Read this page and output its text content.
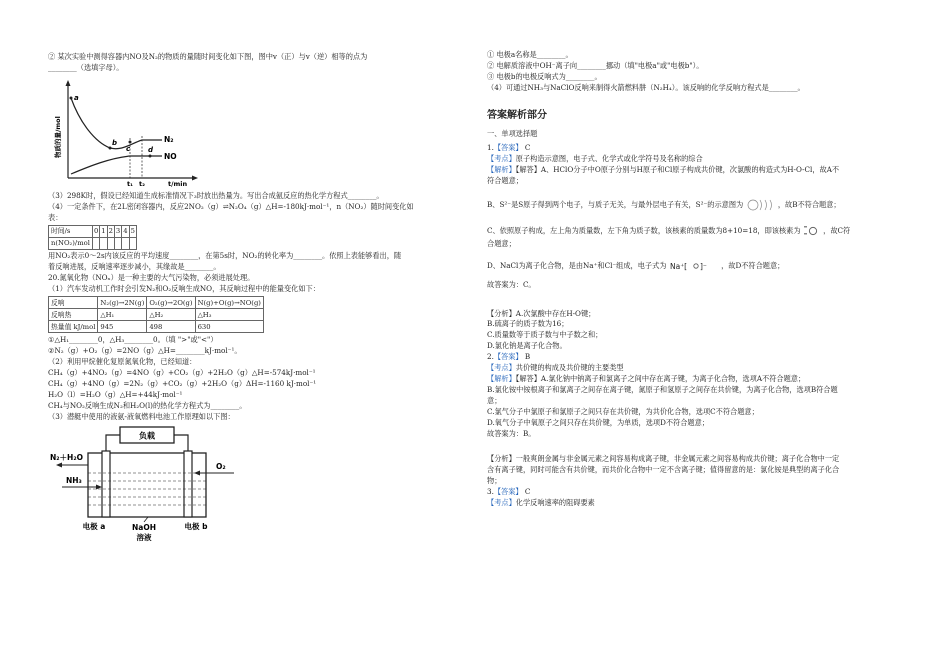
② 某次实验中测得容器内NO及N₂的物质的量随时间变化如下图，图中v（正）与v（逆）相等的点为
________（选填字母）。
物质的量/mol
a
b
c	d
N₂
NO
t₁ t₂	t/min
（3）298K时，假设已经知道生成标准情况下₃时放出热量为。写出合成氨反应的热化学方程式________。
（4）一定条件下，在2L密闭容器内，反应2NO₂（g）⇌N₂O₄（g）△H=-180kJ·mol⁻¹，n（NO₂）随时间变化如
表：
时间/s	0	1	2	3	4	5
n(NO₂)/mol						
用NO₂表示0～2s内该反应的平均速度________，在第5s时，NO₂的转化率为________。依照上表能够看出，随
着反响进展，反响速率逐步减小，其缘故是________。
20.氮氧化物（NOₓ）是一种主要的大气污染物，必须进展处理。
（1）汽车发动机工作时会引发N₂和O₂反响生成NO，其反响过程中的能量变化如下：
反响	N₂(g)→2N(g)	O₂(g)→2O(g)	N(g)+O(g)→NO(g)
反响热	△H₁	△H₂	△H₃
热量值 kJ/mol	945	498	630
①△H₁________0，△H₃________0。（填 ">"或"<"）
②N₂（g）+O₂（g）=2NO（g）△H=________kJ·mol⁻¹。
（2）利用甲烷催化复原氮氧化物，已经知道：
CH₄（g）+4NO₂（g）=4NO（g）+CO₂（g）+2H₂O（g）△H=-574kJ·mol⁻¹
CH₄（g）+4NO（g）=2N₂（g）+CO₂（g）+2H₂O（g）ΔH=-1160 kJ·mol⁻¹
H₂O（l）=H₂O（g）△H=+44kJ·mol⁻¹
CH₄与NO₂反响生成N₂和H₂O(l)的热化学方程式为________。
（3）潜艇中使用的液氨-液氧燃料电池工作原理如以下图：
负载
N₂＋H₂O
NH₃
O₂
电极 a	电极 b
NaOH
溶液
① 电极a名称是________。
② 电解质溶液中OH⁻离子向________挪动（填"电极a"或"电极b"）。
③ 电极b的电极反响式为________。
（4）可通过NH₃与NaClO反响来制得火箭燃料肼（N₂H₄）。该反响的化学反响方程式是________。
答案解析部分
一、单项选择题
1.【答案】 C
【考点】原子构造示意图，电子式、化学式或化学符号及名称的综合
【解析】【解答】A、HClO分子中O原子分别与H原子和Cl原子构成共价键，次氯酸的构造式为H-O-Cl，故A不
符合题意；
B、S²⁻是S原子得到两个电子，与质子无关，与最外层电子有关，S²⁻的示意图为	，故B不符合题意；
C、依照原子构成，左上角为质量数，左下角为质子数，该核素的质量数为8+10=18，即该核素为	，故C符
合题意；
D、NaCl为离子化合物，是由Na⁺和Cl⁻组成，电子式为 Na⁺[ ]⁻ ，故D不符合题意；
故答案为：C。
【分析】A.次氯酸中存在H-O键；
B.硫离子的质子数为16；
C.质量数等于质子数与中子数之和；
D.氯化钠是离子化合物。
2.【答案】 B
【考点】共价键的构成及共价键的主要类型
【解析】【解答】A.氯化钠中钠离子和氯离子之间中存在离子键，为离子化合物，选项A不符合题意；
B.氯化铵中铵根离子和氯离子之间存在离子键，氮原子和氢原子之间存在共价键，为离子化合物，选项B符合题
意；
C.氯气分子中氯原子和氯原子之间只存在共价键，为共价化合物，选项C不符合题意；
D.氧气分子中氧原子之间只存在共价键，为单质，选项D不符合题意；
故答案为：B。
【分析】一般爽朗金属与非金属元素之间容易构成离子键，非金属元素之间容易构成共价键；离子化合物中一定
含有离子键，同时可能含有共价键，而共价化合物中一定不含离子键；值得留意的是：氯化铵是典型的离子化合
物；
3.【答案】 C
【考点】化学反响速率的阻碍要素
